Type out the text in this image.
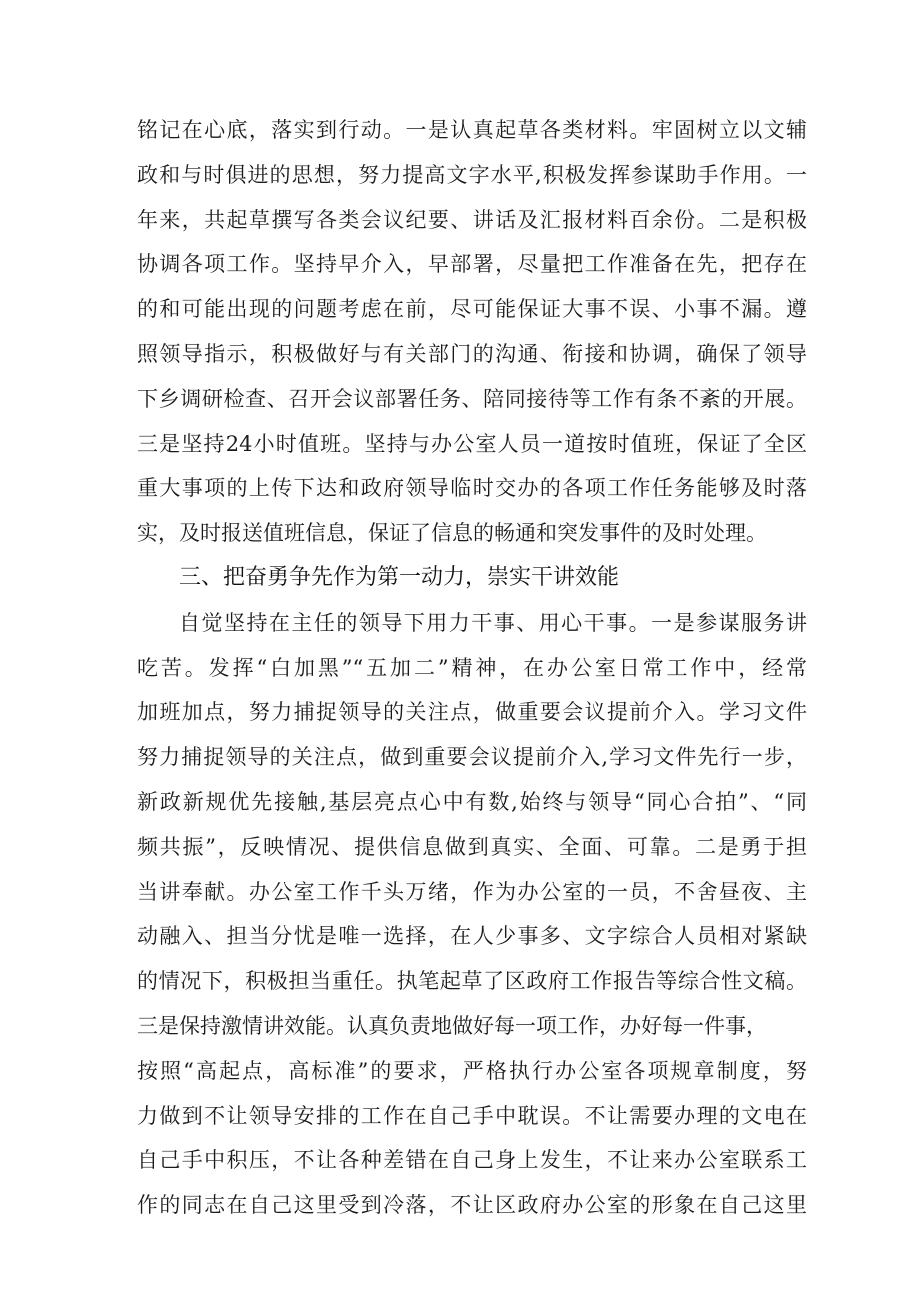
铭记在心底，落实到行动。一是认真起草各类材料。牢固树立以文辅
政和与时俱进的思想，努力提高文字水平,积极发挥参谋助手作用。一
年来，共起草撰写各类会议纪要、讲话及汇报材料百余份。二是积极
协调各项工作。坚持早介入，早部署，尽量把工作准备在先，把存在
的和可能出现的问题考虑在前，尽可能保证大事不误、小事不漏。遵
照领导指示，积极做好与有关部门的沟通、衔接和协调，确保了领导
下乡调研检查、召开会议部署任务、陪同接待等工作有条不紊的开展。
三是坚持24小时值班。坚持与办公室人员一道按时值班，保证了全区
重大事项的上传下达和政府领导临时交办的各项工作任务能够及时落
实，及时报送值班信息，保证了信息的畅通和突发事件的及时处理。
三、把奋勇争先作为第一动力，崇实干讲效能
自觉坚持在主任的领导下用力干事、用心干事。一是参谋服务讲
吃苦。发挥“白加黑”“五加二”精神，在办公室日常工作中，经常
加班加点，努力捕捉领导的关注点，做重要会议提前介入。学习文件
努力捕捉领导的关注点，做到重要会议提前介入,学习文件先行一步，
新政新规优先接触,基层亮点心中有数,始终与领导“同心合拍”、“同
频共振”，反映情况、提供信息做到真实、全面、可靠。二是勇于担
当讲奉献。办公室工作千头万绪，作为办公室的一员，不舍昼夜、主
动融入、担当分忧是唯一选择，在人少事多、文字综合人员相对紧缺
的情况下，积极担当重任。执笔起草了区政府工作报告等综合性文稿。
三是保持激情讲效能。认真负责地做好每一项工作，办好每一件事，
按照“高起点，高标准”的要求，严格执行办公室各项规章制度，努
力做到不让领导安排的工作在自己手中耽误。不让需要办理的文电在
自己手中积压，不让各种差错在自己身上发生，不让来办公室联系工
作的同志在自己这里受到冷落，不让区政府办公室的形象在自己这里
